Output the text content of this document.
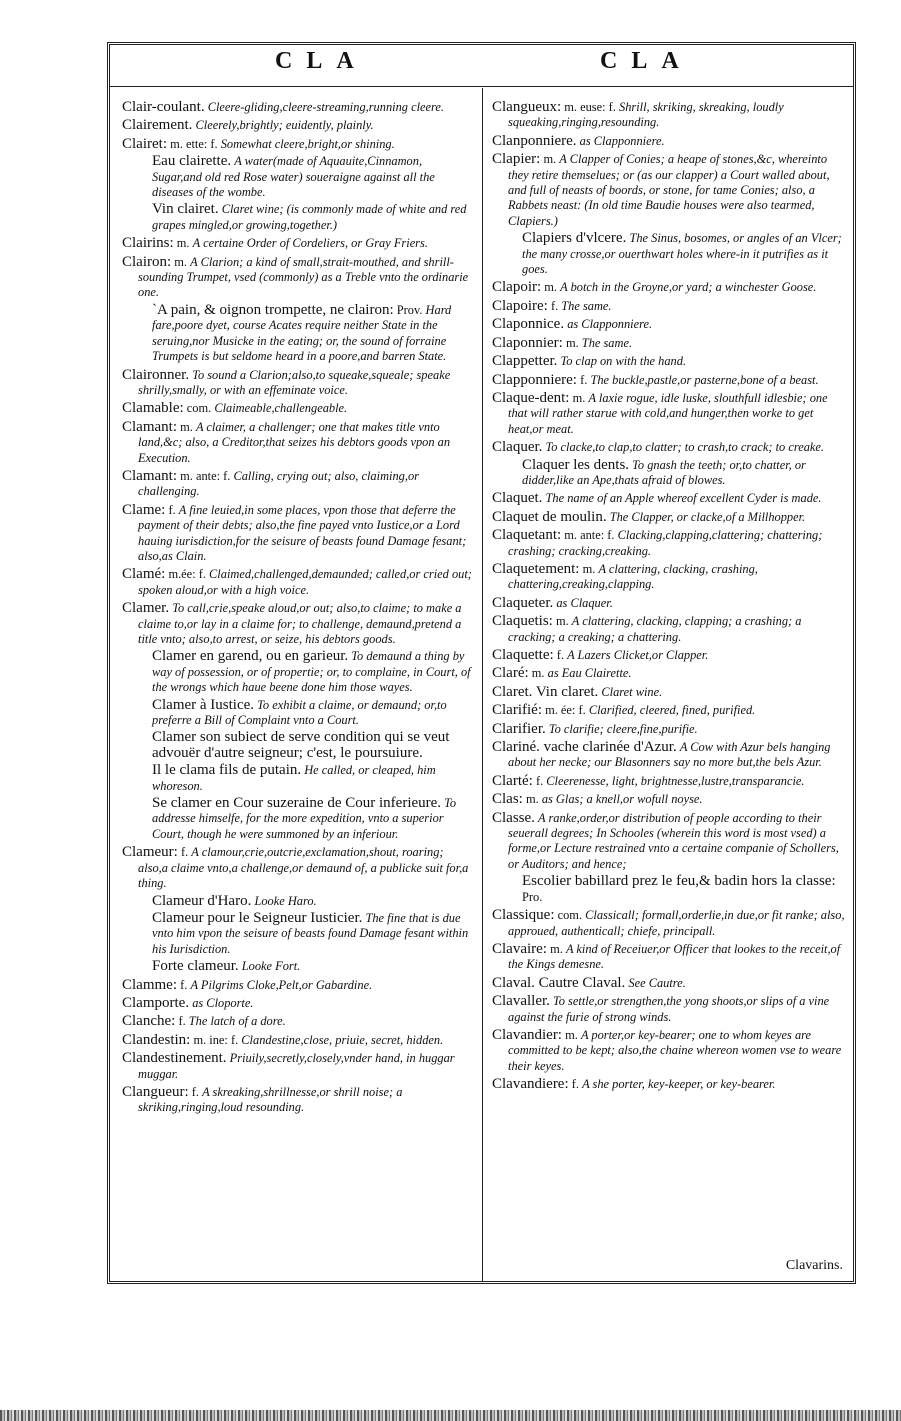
CLA	CLA
Clair-coulant. Cleere-gliding,cleere-streaming,running cleere.
Clairement. Cleerely,brightly; euidently, plainly.
Clairet: m. ette: f. Somewhat cleere,bright,or shining.
Eau clairette. A water(made of Aquauite,Cinnamon, Sugar,and old red Rose water) soueraigne against all the diseases of the wombe.
Vin clairet. Claret wine; (is commonly made of white and red grapes mingled,or growing,together.)
Clairins: m. A certaine Order of Cordeliers, or Gray Friers.
Clairon: m. A Clarion; a kind of small,strait-mouthed, and shrill-sounding Trumpet, vsed (commonly) as a Treble vnto the ordinarie one.
`A pain, & oignon trompette, ne clairon: Prov. Hard fare,poore dyet, course Acates require neither State in the seruing,nor Musicke in the eating; or, the sound of forraine Trumpets is but seldome heard in a poore,and barren State.
Claironner. To sound a Clarion;also,to squeake,squeale; speake shrilly,smally, or with an effeminate voice.
Clamable: com. Claimeable,challengeable.
Clamant: m. A claimer, a challenger; one that makes title vnto land,&c; also, a Creditor,that seizes his debtors goods vpon an Execution.
Clamant: m. ante: f. Calling, crying out; also, claiming,or challenging.
Clame: f. A fine leuied,in some places, vpon those that deferre the payment of their debts; also,the fine payed vnto Iustice,or a Lord hauing iurisdiction,for the seisure of beasts found Damage fesant; also,as Clain.
Clamé: m.ée: f. Claimed,challenged,demaunded; called,or cried out; spoken aloud,or with a high voice.
Clamer. To call,crie,speake aloud,or out; also,to claime; to make a claime to,or lay in a claime for; to challenge, demaund,pretend a title vnto; also,to arrest, or seize, his debtors goods.
Clamer en garend, ou en garieur. To demaund a thing by way of possession, or of propertie; or, to complaine, in Court, of the wrongs which haue beene done him those wayes.
Clamer à Iustice. To exhibit a claime, or demaund; or,to preferre a Bill of Complaint vnto a Court.
Clamer son subiect de serve condition qui se veut advouër d'autre seigneur; c'est, le poursuiure.
Il le clama fils de putain. He called, or cleaped, him whoreson.
Se clamer en Cour suzeraine de Cour inferieure. To addresse himselfe, for the more expedition, vnto a superior Court, though he were summoned by an inferiour.
Clameur: f. A clamour,crie,outcrie,exclamation,shout, roaring; also,a claime vnto,a challenge,or demaund of, a publicke suit for,a thing.
Clameur d'Haro. Looke Haro.
Clameur pour le Seigneur Iusticier. The fine that is due vnto him vpon the seisure of beasts found Damage fesant within his Iurisdiction.
Forte clameur. Looke Fort.
Clamme: f. A Pilgrims Cloke,Pelt,or Gabardine.
Clamporte. as Cloporte.
Clanche: f. The latch of a dore.
Clandestin: m. ine: f. Clandestine,close, priuie, secret, hidden.
Clandestinement. Priuily,secretly,closely,vnder hand, in huggar muggar.
Clangueur: f. A skreaking,shrillnesse,or shrill noise; a skriking,ringing,loud resounding.
Clangueux: m. euse: f. Shrill, skriking, skreaking, loudly squeaking,ringing,resounding.
Clanponniere. as Clapponniere.
Clapier: m. A Clapper of Conies; a heape of stones,&c, whereinto they retire themselues; or (as our clapper) a Court walled about, and full of neasts of boords, or stone, for tame Conies; also, a Rabbets neast: (In old time Baudie houses were also tearmed, Clapiers.)
Clapiers d'vlcere. The Sinus, bosomes, or angles of an Vlcer; the many crosse,or ouerthwart holes where-in it putrifies as it goes.
Clapoir: m. A botch in the Groyne,or yard; a winchester Goose.
Clapoire: f. The same.
Claponnice. as Clapponniere.
Claponnier: m. The same.
Clappetter. To clap on with the hand.
Clapponniere: f. The buckle,pastle,or pasterne,bone of a beast.
Claque-dent: m. A laxie rogue, idle luske, slouthfull idlesbie; one that will rather starue with cold,and hunger,then worke to get heat,or meat.
Claquer. To clacke,to clap,to clatter; to crash,to crack; to creake.
Claquer les dents. To gnash the teeth; or,to chatter, or didder,like an Ape,thats afraid of blowes.
Claquet. The name of an Apple whereof excellent Cyder is made.
Claquet de moulin. The Clapper, or clacke,of a Millhopper.
Claquetant: m. ante: f. Clacking,clapping,clattering; chattering; crashing; cracking,creaking.
Claquetement: m. A clattering, clacking, crashing, chattering,creaking,clapping.
Claqueter. as Claquer.
Claquetis: m. A clattering, clacking, clapping; a crashing; a cracking; a creaking; a chattering.
Claquette: f. A Lazers Clicket,or Clapper.
Claré: m. as Eau Clairette.
Claret. Vin claret. Claret wine.
Clarifié: m. ée: f. Clarified, cleered, fined, purified.
Clarifier. To clarifie; cleere,fine,purifie.
Clariné. vache clarinée d'Azur. A Cow with Azur bels hanging about her necke; our Blasonners say no more but,the bels Azur.
Clarté: f. Cleerenesse, light, brightnesse,lustre,transparancie.
Clas: m. as Glas; a knell,or wofull noyse.
Classe. A ranke,order,or distribution of people according to their seuerall degrees; In Schooles (wherein this word is most vsed) a forme,or Lecture restrained vnto a certaine companie of Schollers, or Auditors; and hence;
Escolier babillard prez le feu,& badin hors la classe: Pro.
Classique: com. Classicall; formall,orderlie,in due,or fit ranke; also, approued, authenticall; chiefe, principall.
Clavaire: m. A kind of Receiuer,or Officer that lookes to the receit,of the Kings demesne.
Claval. Cautre Claval. See Cautre.
Clavaller. To settle,or strengthen,the yong shoots,or slips of a vine against the furie of strong winds.
Clavandier: m. A porter,or key-bearer; one to whom keyes are committed to be kept; also,the chaine whereon women vse to weare their keyes.
Clavandiere: f. A she porter, key-keeper, or key-bearer.
Clavarins.
